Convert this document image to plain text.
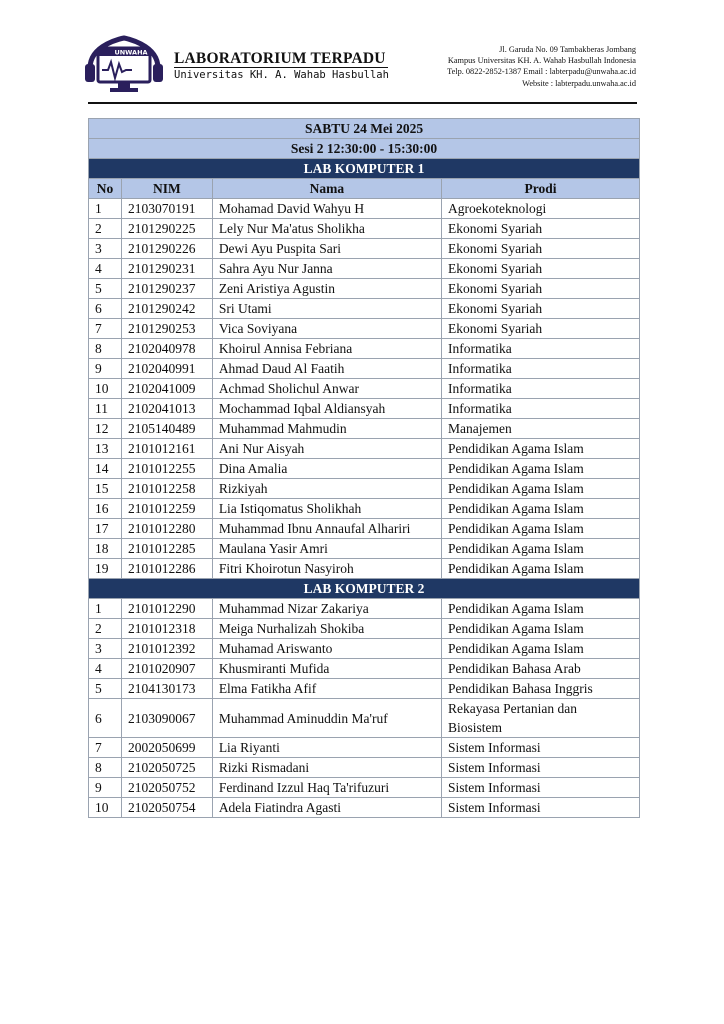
UNWAHA LABORATORIUM TERPADU
Universitas KH. A. Wahab Hasbullah
Jl. Garuda No. 09 Tambakberas Jombang
Kampus Universitas KH. A. Wahab Hasbullah Indonesia
Telp. 0822-2852-1387 Email : labterpadu@unwaha.ac.id
Website : labterpadu.unwaha.ac.id
SABTU 24 Mei 2025			
Sesi 2 12:30:00 - 15:30:00			
LAB KOMPUTER 1			
No	NIM	Nama	Prodi
1	2103070191	Mohamad David Wahyu H	Agroekoteknologi
2	2101290225	Lely Nur Ma'atus Sholikha	Ekonomi Syariah
3	2101290226	Dewi Ayu Puspita Sari	Ekonomi Syariah
4	2101290231	Sahra Ayu Nur Janna	Ekonomi Syariah
5	2101290237	Zeni Aristiya Agustin	Ekonomi Syariah
6	2101290242	Sri Utami	Ekonomi Syariah
7	2101290253	Vica Soviyana	Ekonomi Syariah
8	2102040978	Khoirul Annisa Febriana	Informatika
9	2102040991	Ahmad Daud Al Faatih	Informatika
10	2102041009	Achmad Sholichul Anwar	Informatika
11	2102041013	Mochammad Iqbal Aldiansyah	Informatika
12	2105140489	Muhammad Mahmudin	Manajemen
13	2101012161	Ani Nur Aisyah	Pendidikan Agama Islam
14	2101012255	Dina Amalia	Pendidikan Agama Islam
15	2101012258	Rizkiyah	Pendidikan Agama Islam
16	2101012259	Lia Istiqomatus Sholikhah	Pendidikan Agama Islam
17	2101012280	Muhammad Ibnu Annaufal Alhariri	Pendidikan Agama Islam
18	2101012285	Maulana Yasir Amri	Pendidikan Agama Islam
19	2101012286	Fitri Khoirotun Nasyiroh	Pendidikan Agama Islam
LAB KOMPUTER 2			
1	2101012290	Muhammad Nizar Zakariya	Pendidikan Agama Islam
2	2101012318	Meiga Nurhalizah Shokiba	Pendidikan Agama Islam
3	2101012392	Muhamad Ariswanto	Pendidikan Agama Islam
4	2101020907	Khusmiranti Mufida	Pendidikan Bahasa Arab
5	2104130173	Elma Fatikha Afif	Pendidikan Bahasa Inggris
6	2103090067	Muhammad Aminuddin Ma'ruf	Rekayasa Pertanian dan Biosistem
7	2002050699	Lia Riyanti	Sistem Informasi
8	2102050725	Rizki Rismadani	Sistem Informasi
9	2102050752	Ferdinand Izzul Haq Ta'rifuzuri	Sistem Informasi
10	2102050754	Adela Fiatindra Agasti	Sistem Informasi
